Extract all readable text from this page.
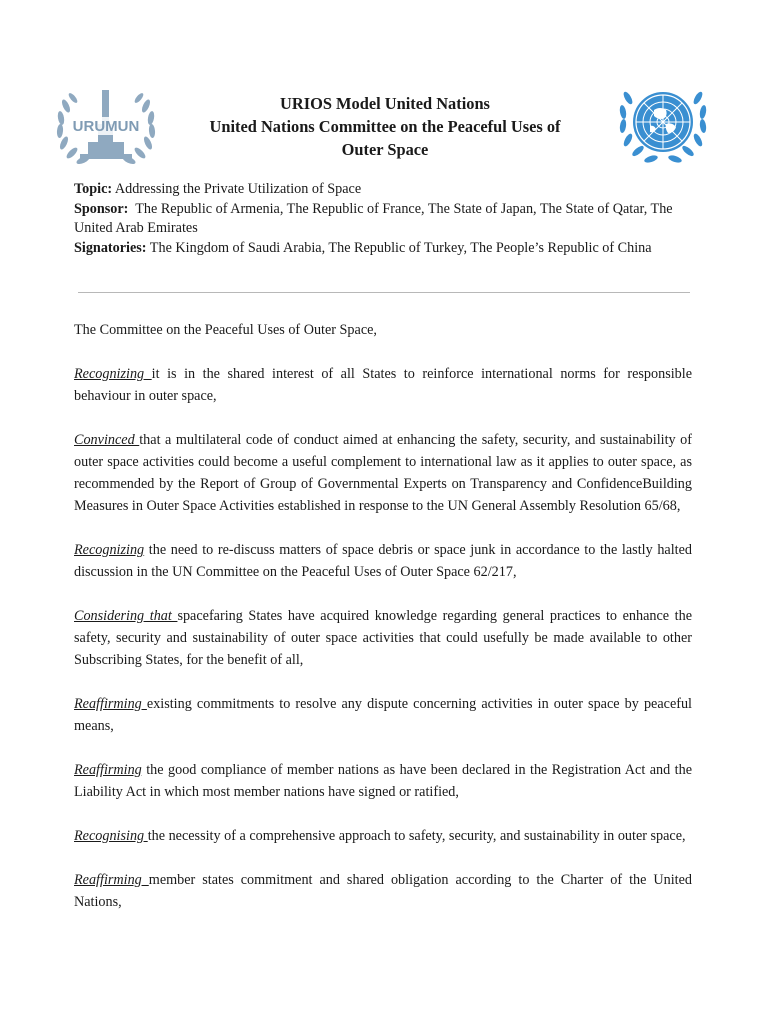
URUMUN
URIOS Model United Nations
United Nations Committee on the Peaceful Uses of
Outer Space
Topic: Addressing the Private Utilization of Space
Sponsor:  The Republic of Armenia, The Republic of France, The State of Japan, The State of Qatar, The United Arab Emirates
Signatories: The Kingdom of Saudi Arabia, The Republic of Turkey, The People’s Republic of China

The Committee on the Peaceful Uses of Outer Space,

Recognizing it is in the shared interest of all States to reinforce international norms for responsible behaviour in outer space,

Convinced that a multilateral code of conduct aimed at enhancing the safety, security, and sustainability of outer space activities could become a useful complement to international law as it applies to outer space, as recommended by the Report of Group of Governmental Experts on Transparency and ConfidenceBuilding Measures in Outer Space Activities established in response to the UN General Assembly Resolution 65/68,

Recognizing the need to re-discuss matters of space debris or space junk in accordance to the lastly halted discussion in the UN Committee on the Peaceful Uses of Outer Space 62/217,

Considering that spacefaring States have acquired knowledge regarding general practices to enhance the safety, security and sustainability of outer space activities that could usefully be made available to other Subscribing States, for the benefit of all,

Reaffirming existing commitments to resolve any dispute concerning activities in outer space by peaceful means,

Reaffirming the good compliance of member nations as have been declared in the Registration Act and the Liability Act in which most member nations have signed or ratified,

Recognising the necessity of a comprehensive approach to safety, security, and sustainability in outer space,

Reaffirming member states commitment and shared obligation according to the Charter of the United Nations,
